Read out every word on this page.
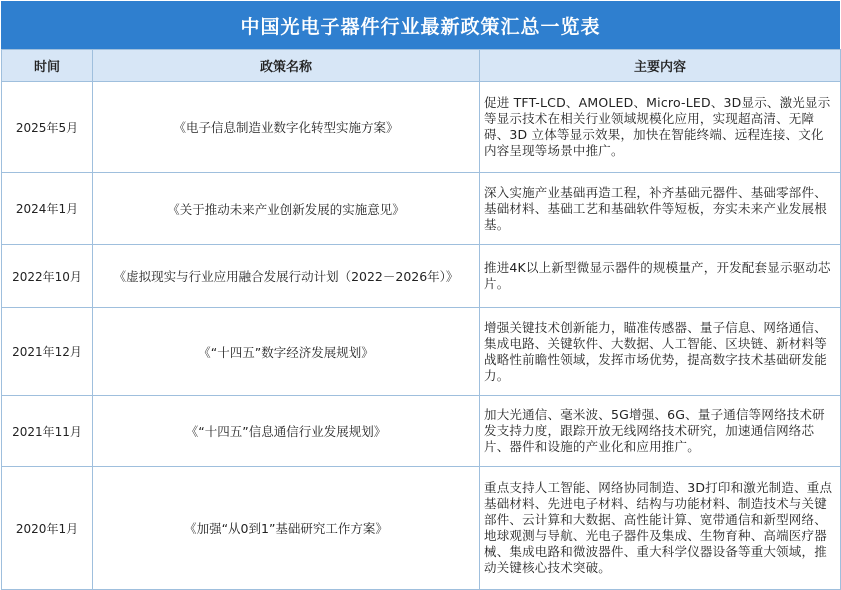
中国光电子器件行业最新政策汇总一览表
时间	政策名称	主要内容
2025年5月	《电子信息制造业数字化转型实施方案》	促进 TFT-LCD、AMOLED、Micro-LED、3D显示、激光显示等显示技术在相关行业领域规模化应用，实现超高清、无障碍、3D 立体等显示效果，加快在智能终端、远程连接、文化内容呈现等场景中推广。
2024年1月	《关于推动未来产业创新发展的实施意见》	深入实施产业基础再造工程，补齐基础元器件、基础零部件、基础材料、基础工艺和基础软件等短板，夯实未来产业发展根基。
2022年10月	《虚拟现实与行业应用融合发展行动计划（2022－2026年）》	推进4K以上新型微显示器件的规模量产，开发配套显示驱动芯片。
2021年12月	《“十四五”数字经济发展规划》	增强关键技术创新能力，瞄准传感器、量子信息、网络通信、集成电路、关键软件、大数据、人工智能、区块链、新材料等战略性前瞻性领域，发挥市场优势，提高数字技术基础研发能力。
2021年11月	《“十四五”信息通信行业发展规划》	加大光通信、毫米波、5G增强、6G、量子通信等网络技术研发支持力度，跟踪开放无线网络技术研究，加速通信网络芯片、器件和设施的产业化和应用推广。
2020年1月	《加强“从0到1”基础研究工作方案》	重点支持人工智能、网络协同制造、3D打印和激光制造、重点基础材料、先进电子材料、结构与功能材料、制造技术与关键部件、云计算和大数据、高性能计算、宽带通信和新型网络、地球观测与导航、光电子器件及集成、生物育种、高端医疗器械、集成电路和微波器件、重大科学仪器设备等重大领域，推动关键核心技术突破。
